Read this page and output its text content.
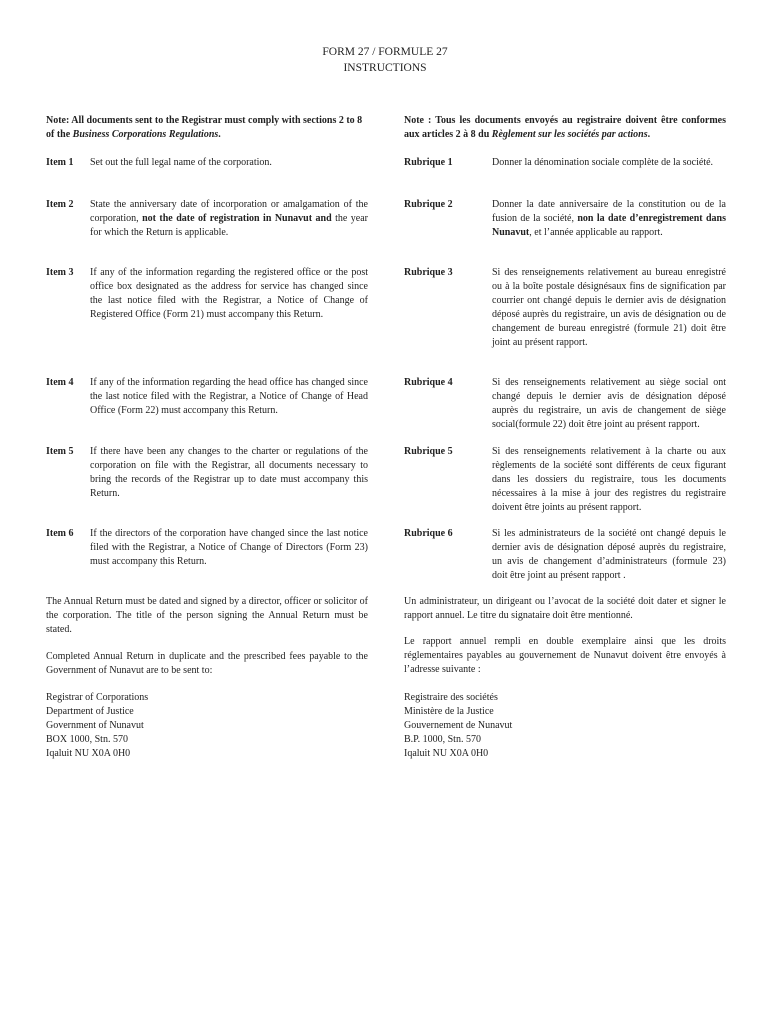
FORM 27 / FORMULE 27
INSTRUCTIONS

Note: All documents sent to the Registrar must comply with sections 2 to 8 of the Business Corporations Regulations.

Item 1	Set out the full legal name of the corporation.
Item 2	State the anniversary date of incorporation or amalgamation of the corporation, not the date of registration in Nunavut and the year for which the Return is applicable.
Item 3	If any of the information regarding the registered office or the post office box designated as the address for service has changed since the last notice filed with the Registrar, a Notice of Change of Registered Office (Form 21) must accompany this Return.
Item 4	If any of the information regarding the head office has changed since the last notice filed with the Registrar, a Notice of Change of Head Office (Form 22) must accompany this Return.
Item 5	If there have been any changes to the charter or regulations of the corporation on file with the Registrar, all documents necessary to bring the records of the Registrar up to date must accompany this Return.
Item 6	If the directors of the corporation have changed since the last notice filed with the Registrar, a Notice of Change of Directors (Form 23) must accompany this Return.

The Annual Return must be dated and signed by a director, officer or solicitor of the corporation. The title of the person signing the Annual Return must be stated.

Completed Annual Return in duplicate and the prescribed fees payable to the Government of Nunavut are to be sent to:

Registrar of Corporations
Department of Justice
Government of Nunavut
BOX 1000, Stn. 570
Iqaluit NU X0A 0H0

Note : Tous les documents envoyés au registraire doivent être conformes aux articles 2 à 8 du Règlement sur les sociétés par actions.

Rubrique 1	Donner la dénomination sociale complète de la société.
Rubrique 2	Donner la date anniversaire de la constitution ou de la fusion de la société, non la date d’enregistrement dans Nunavut, et l’année applicable au rapport.
Rubrique 3	Si des renseignements relativement au bureau enregistré ou à la boîte postale désignésaux fins de signification par courrier ont changé depuis le dernier avis de désignation déposé auprès du registraire, un avis de désignation ou de changement de bureau enregistré (formule 21) doit être joint au présent rapport.
Rubrique 4	Si des renseignements relativement au siège social ont changé depuis le dernier avis de désignation déposé auprès du registraire, un avis de changement de siège social(formule 22) doit être joint au présent rapport.
Rubrique 5	Si des renseignements relativement à la charte ou aux règlements de la société sont différents de ceux figurant dans les dossiers du registraire, tous les documents nécessaires à la mise à jour des registres du registraire doivent être joints au présent rapport.
Rubrique 6	Si les administrateurs de la société ont changé depuis le dernier avis de désignation déposé auprès du registraire, un avis de changement d’administrateurs (formule 23) doit être joint au présent rapport .

Un administrateur, un dirigeant ou l’avocat de la société doit dater et signer le rapport annuel. Le titre du signataire doit être mentionné.

Le rapport annuel rempli en double exemplaire ainsi que les droits réglementaires payables au gouvernement de Nunavut doivent être envoyés à l’adresse suivante :

Registraire des sociétés
Ministère de la Justice
Gouvernement de Nunavut
B.P. 1000, Stn. 570
Iqaluit NU X0A 0H0
